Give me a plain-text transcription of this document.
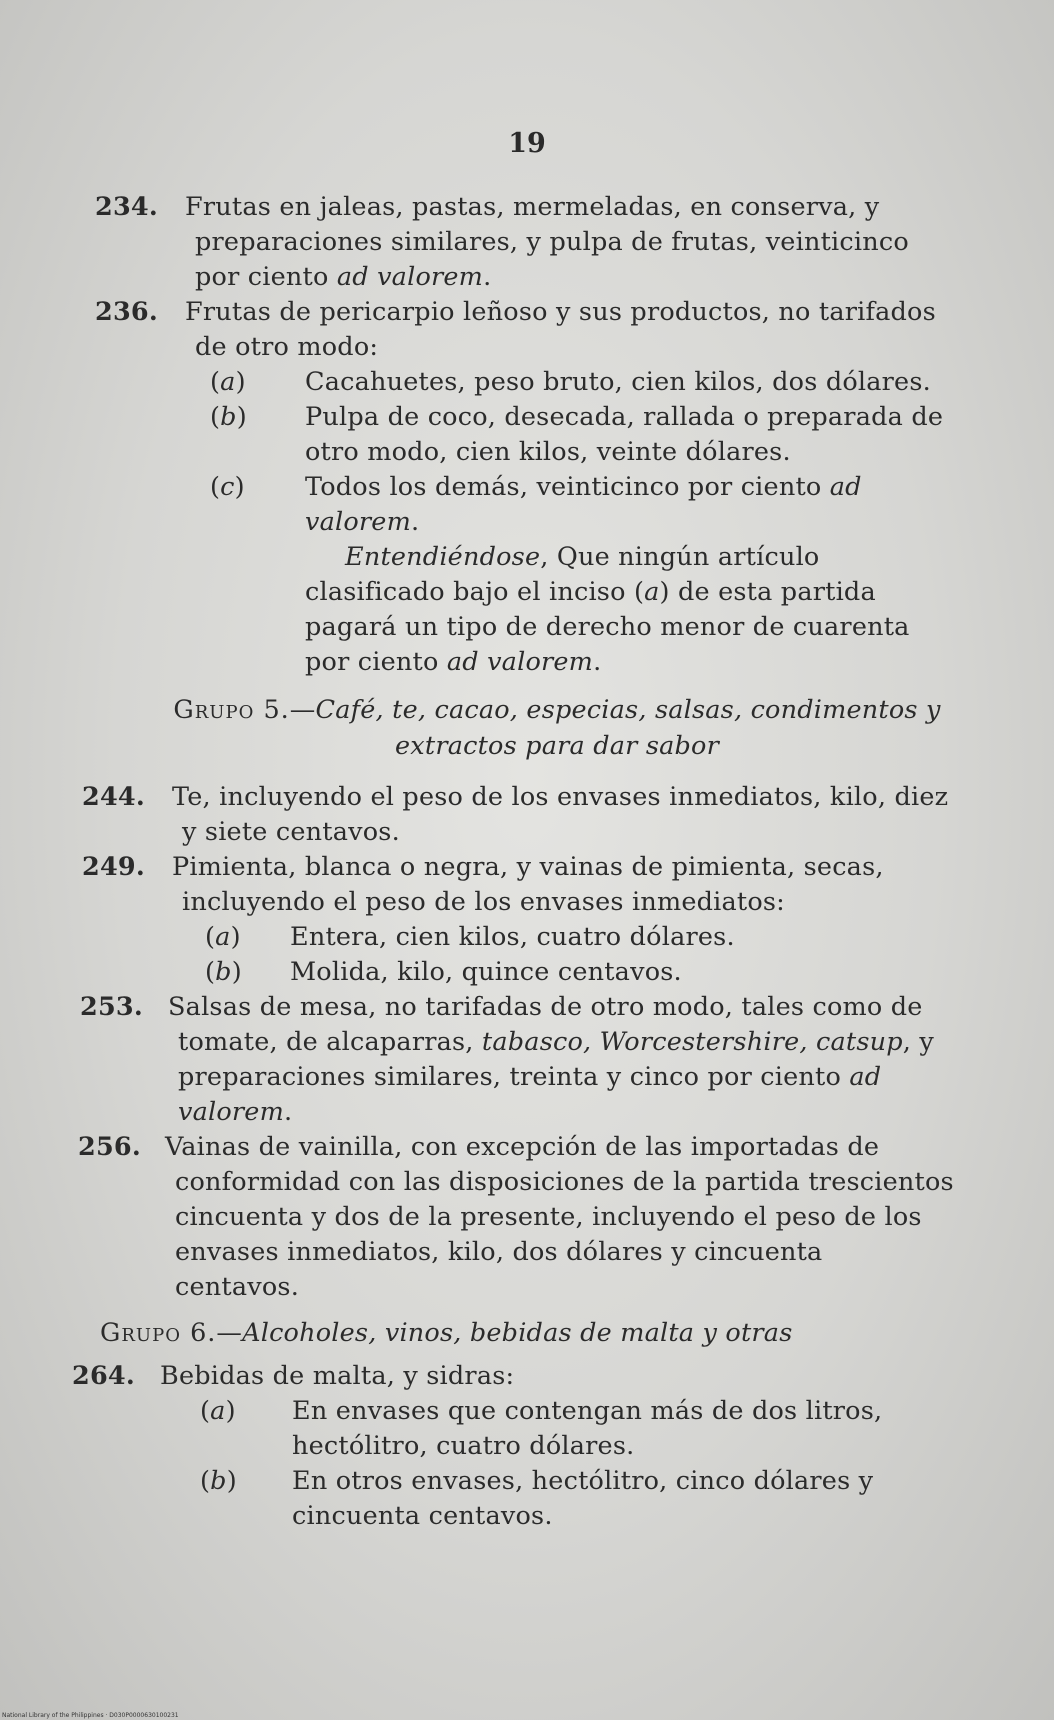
19
234. Frutas en jaleas, pastas, mermeladas, en conserva, y preparaciones similares, y pulpa de frutas, veinticinco por ciento ad valorem.
236. Frutas de pericarpio leñoso y sus productos, no tarifados de otro modo:
(a) Cacahuetes, peso bruto, cien kilos, dos dólares.
(b) Pulpa de coco, desecada, rallada o preparada de otro modo, cien kilos, veinte dólares.
(c) Todos los demás, veinticinco por ciento ad valorem.
Entendiéndose, Que ningún artículo clasificado bajo el inciso (a) de esta partida pagará un tipo de derecho menor de cuarenta por ciento ad valorem.
Grupo 5.—Café, te, cacao, especias, salsas, condimentos y extractos para dar sabor
244. Te, incluyendo el peso de los envases inmediatos, kilo, diez y siete centavos.
249. Pimienta, blanca o negra, y vainas de pimienta, secas, incluyendo el peso de los envases inmediatos:
(a) Entera, cien kilos, cuatro dólares.
(b) Molida, kilo, quince centavos.
253. Salsas de mesa, no tarifadas de otro modo, tales como de tomate, de alcaparras, tabasco, Worcestershire, catsup, y preparaciones similares, treinta y cinco por ciento ad valorem.
256. Vainas de vainilla, con excepción de las importadas de conformidad con las disposiciones de la partida trescientos cincuenta y dos de la presente, incluyendo el peso de los envases inmediatos, kilo, dos dólares y cincuenta centavos.
Grupo 6.—Alcoholes, vinos, bebidas de malta y otras
264. Bebidas de malta, y sidras:
(a) En envases que contengan más de dos litros, hectólitro, cuatro dólares.
(b) En otros envases, hectólitro, cinco dólares y cincuenta centavos.
National Library of the Philippines · D030P0000630100231
